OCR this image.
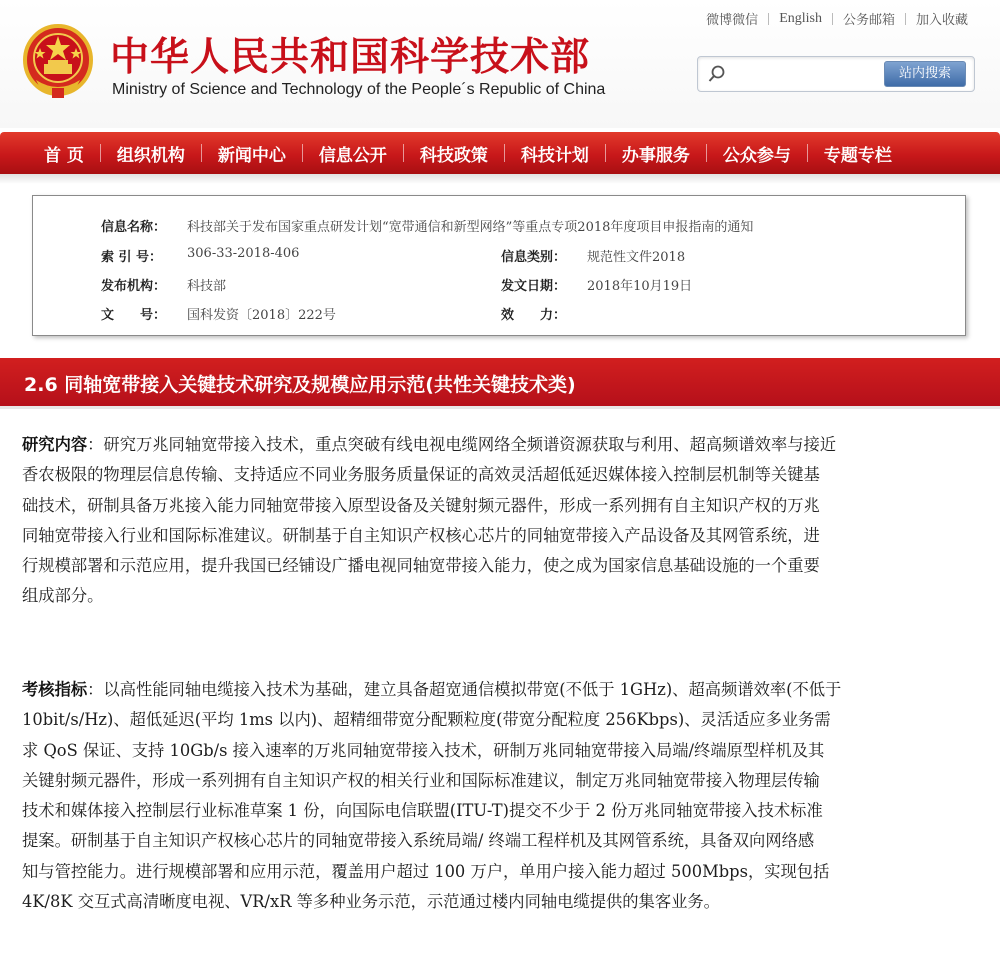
中华人民共和国科学技术部
Ministry of Science and Technology of the People´s Republic of China
微博微信	English	公务邮箱	加入收藏
站内搜索
首 页	组织机构	新闻中心	信息公开	科技政策	科技计划	办事服务	公众参与	专题专栏
信息名称：	科技部关于发布国家重点研发计划“宽带通信和新型网络”等重点专项2018年度项目申报指南的通知
索 引 号：	306-33-2018-406	信息类别：	规范性文件2018
发布机构：	科技部	发文日期：	2018年10月19日
文　　号：	国科发资〔2018〕222号	效　　力：
2.6 同轴宽带接入关键技术研究及规模应用示范(共性关键技术类)
研究内容：研究万兆同轴宽带接入技术，重点突破有线电视电缆网络全频谱资源获取与利用、超高频谱效率与接近
香农极限的物理层信息传输、支持适应不同业务服务质量保证的高效灵活超低延迟媒体接入控制层机制等关键基
础技术，研制具备万兆接入能力同轴宽带接入原型设备及关键射频元器件，形成一系列拥有自主知识产权的万兆
同轴宽带接入行业和国际标准建议。研制基于自主知识产权核心芯片的同轴宽带接入产品设备及其网管系统，进
行规模部署和示范应用，提升我国已经铺设广播电视同轴宽带接入能力，使之成为国家信息基础设施的一个重要
组成部分。
考核指标：以高性能同轴电缆接入技术为基础，建立具备超宽通信模拟带宽(不低于 1GHz)、超高频谱效率(不低于
10bit/s/Hz)、超低延迟(平均 1ms 以内)、超精细带宽分配颗粒度(带宽分配粒度 256Kbps)、灵活适应多业务需
求 QoS 保证、支持 10Gb/s 接入速率的万兆同轴宽带接入技术，研制万兆同轴宽带接入局端/终端原型样机及其
关键射频元器件，形成一系列拥有自主知识产权的相关行业和国际标准建议，制定万兆同轴宽带接入物理层传输
技术和媒体接入控制层行业标准草案 1 份，向国际电信联盟(ITU-T)提交不少于 2 份万兆同轴宽带接入技术标准
提案。研制基于自主知识产权核心芯片的同轴宽带接入系统局端/ 终端工程样机及其网管系统，具备双向网络感
知与管控能力。进行规模部署和应用示范，覆盖用户超过 100 万户，单用户接入能力超过 500Mbps，实现包括
4K/8K 交互式高清晰度电视、VR/xR 等多种业务示范，示范通过楼内同轴电缆提供的集客业务。
